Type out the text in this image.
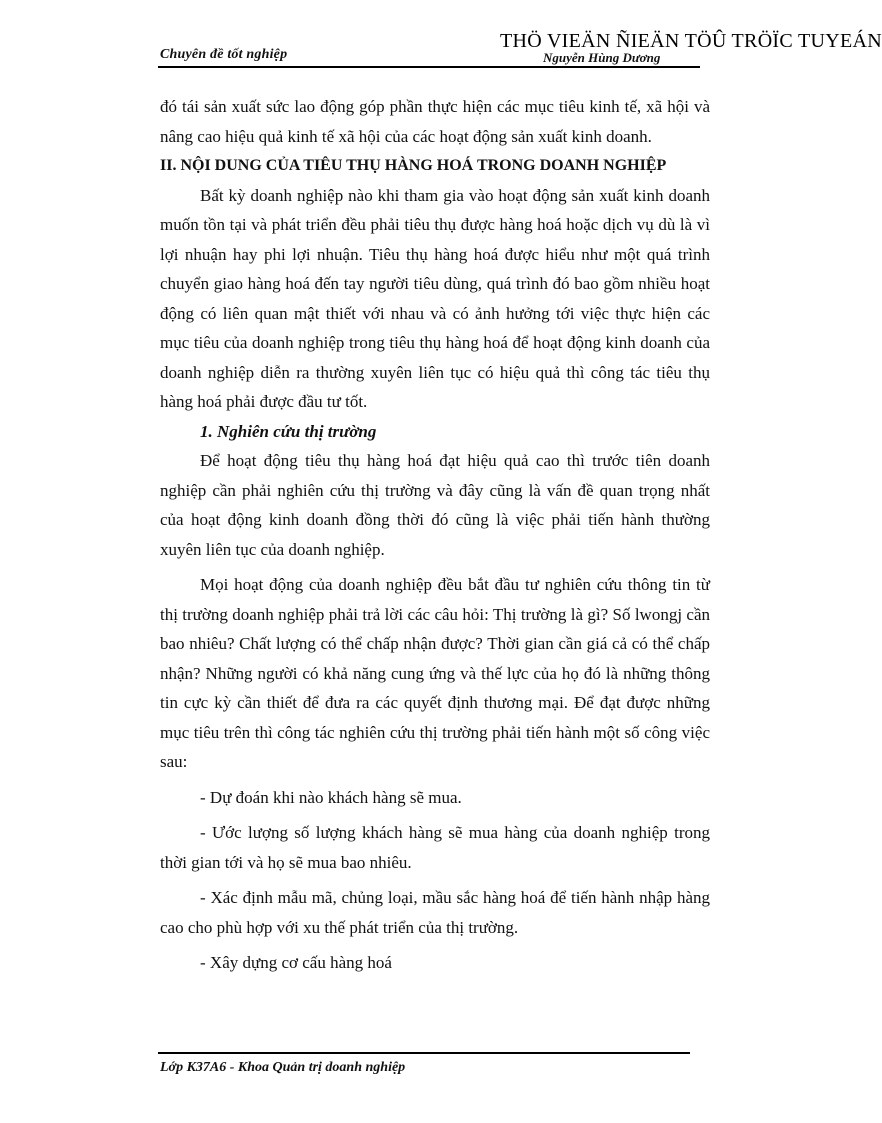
Chuyên đề tốt nghiệp
THÖ VIEÄN ÑIEÄN TÖÛ TRÖÏC TUYEÁN
Nguyễn Hùng Dương

đó tái sản xuất sức lao động góp phần thực hiện các mục tiêu kinh tế, xã hội và nâng cao hiệu quả kinh tế xã hội của các hoạt động sản xuất kinh doanh.

II. NỘI DUNG CỦA TIÊU THỤ HÀNG HOÁ TRONG DOANH NGHIỆP

Bất kỳ doanh nghiệp nào khi tham gia vào hoạt động sản xuất kinh doanh muốn tồn tại và phát triển đều phải tiêu thụ được hàng hoá hoặc dịch vụ dù là vì lợi nhuận hay phi lợi nhuận. Tiêu thụ hàng hoá được hiểu như một quá trình chuyển giao hàng hoá đến tay người tiêu dùng, quá trình đó bao gồm nhiều hoạt động có liên quan mật thiết với nhau và có ảnh hưởng tới việc thực hiện các mục tiêu của doanh nghiệp trong tiêu thụ hàng hoá để hoạt động kinh doanh của doanh nghiệp diễn ra thường xuyên liên tục có hiệu quả thì công tác tiêu thụ hàng hoá phải được đầu tư tốt.

1. Nghiên cứu thị trường

Để hoạt động tiêu thụ hàng hoá đạt hiệu quả cao thì trước tiên doanh nghiệp cần phải nghiên cứu thị trường và đây cũng là vấn đề quan trọng nhất của hoạt động kinh doanh đồng thời đó cũng là việc phải tiến hành thường xuyên liên tục của doanh nghiệp.

Mọi hoạt động của doanh nghiệp đều bắt đầu tư nghiên cứu thông tin từ thị trường doanh nghiệp phải trả lời các câu hỏi: Thị trường là gì? Số lwongj cần bao nhiêu? Chất lượng có thể chấp nhận được? Thời gian cần giá cả có thể chấp nhận? Những người có khả năng cung ứng và thế lực của họ đó là những thông tin cực kỳ cần thiết để đưa ra các quyết định thương mại. Để đạt được những mục tiêu trên thì công tác nghiên cứu thị trường phải tiến hành một số công việc sau:

- Dự đoán khi nào khách hàng sẽ mua.

- Ước lượng số lượng khách hàng sẽ mua hàng của doanh nghiệp trong thời gian tới và họ sẽ mua bao nhiêu.

- Xác định mẫu mã, chủng loại, mầu sắc hàng hoá để tiến hành nhập hàng cao cho phù hợp với xu thế phát triển của thị trường.

- Xây dựng cơ cấu hàng hoá

Lớp K37A6 - Khoa Quản trị doanh nghiệp
